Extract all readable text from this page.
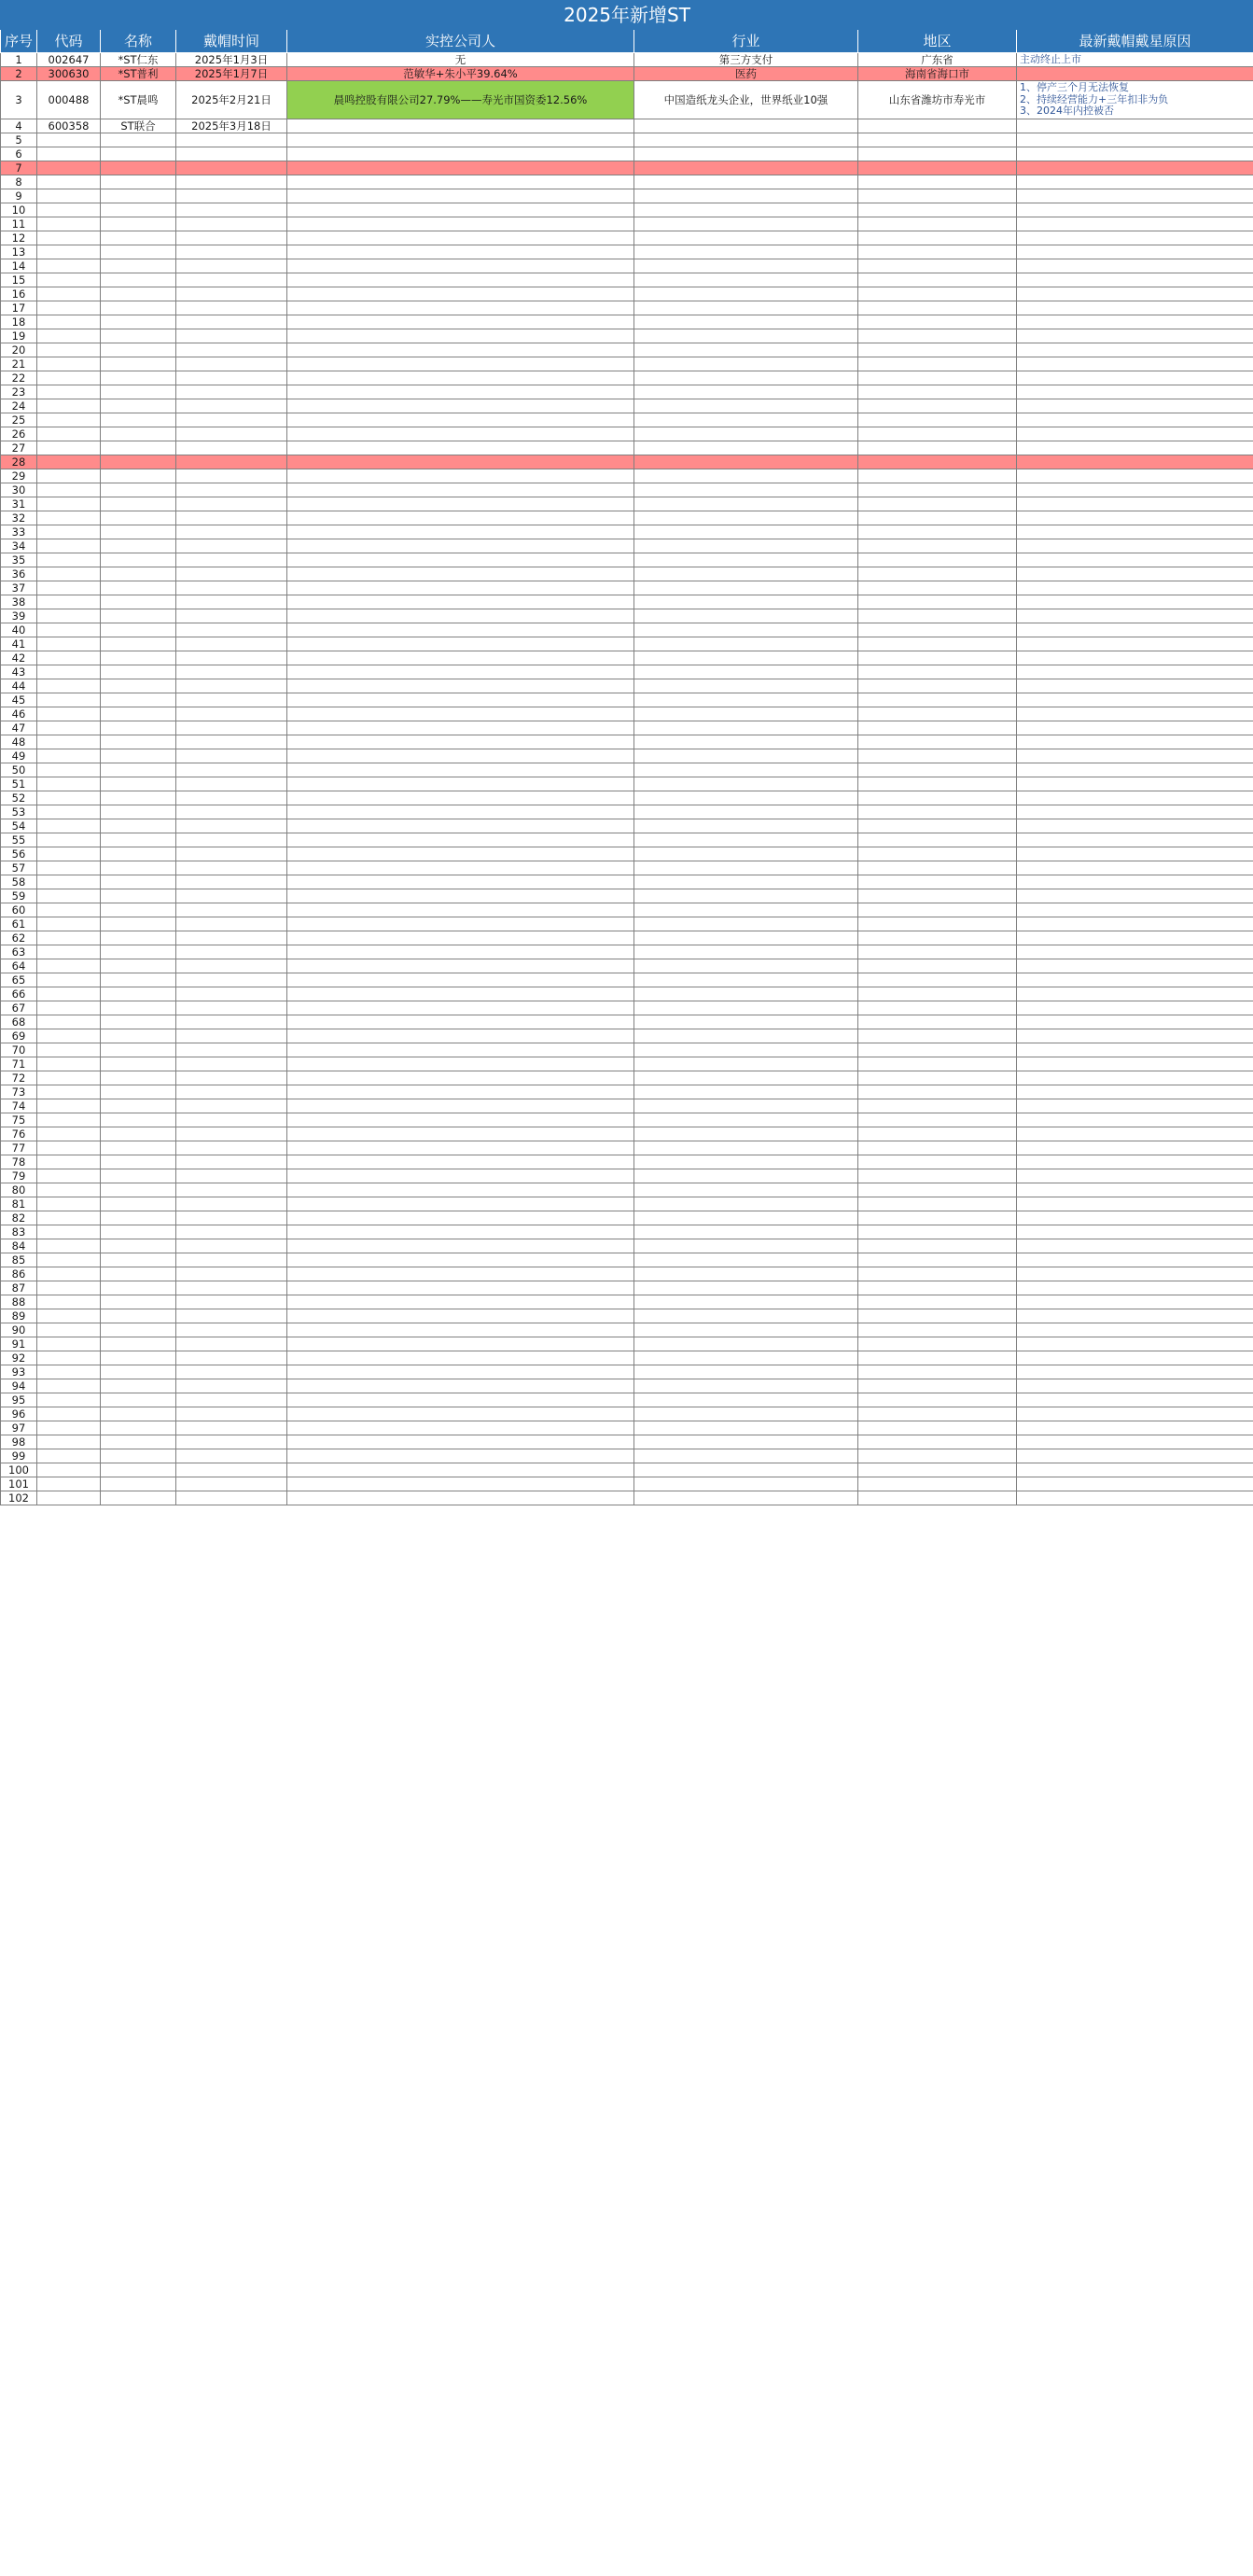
2025年新增ST							
序号	代码	名称	戴帽时间	实控公司人	行业	地区	最新戴帽戴星原因
1	002647	*ST仁东	2025年1月3日	无	第三方支付	广东省	主动终止上市

2	300630	*ST普利	2025年1月7日	范敏华+朱小平39.64%	医药	海南省海口市	

3	000488	*ST晨鸣	2025年2月21日	晨鸣控股有限公司27.79%——寿光市国资委12.56%	中国造纸龙头企业，世界纸业10强	山东省潍坊市寿光市	1、停产三个月无法恢复
2、持续经营能力+三年扣非为负
3、2024年内控被否

4	600358	ST联合	2025年3月18日				

5							

6							

7							

8							

9							

10							

11							

12							

13							

14							

15							

16							

17							

18							

19							

20							

21							

22							

23							

24							

25							

26							

27							

28							

29							

30							

31							

32							

33							

34							

35							

36							

37							

38							

39							

40							

41							

42							

43							

44							

45							

46							

47							

48							

49							

50							

51							

52							

53							

54							

55							

56							

57							

58							

59							

60							

61							

62							

63							

64							

65							

66							

67							

68							

69							

70							

71							

72							

73							

74							

75							

76							

77							

78							

79							

80							

81							

82							

83							

84							

85							

86							

87							

88							

89							

90							

91							

92							

93							

94							

95							

96							

97							

98							

99							

100							

101							

102							
